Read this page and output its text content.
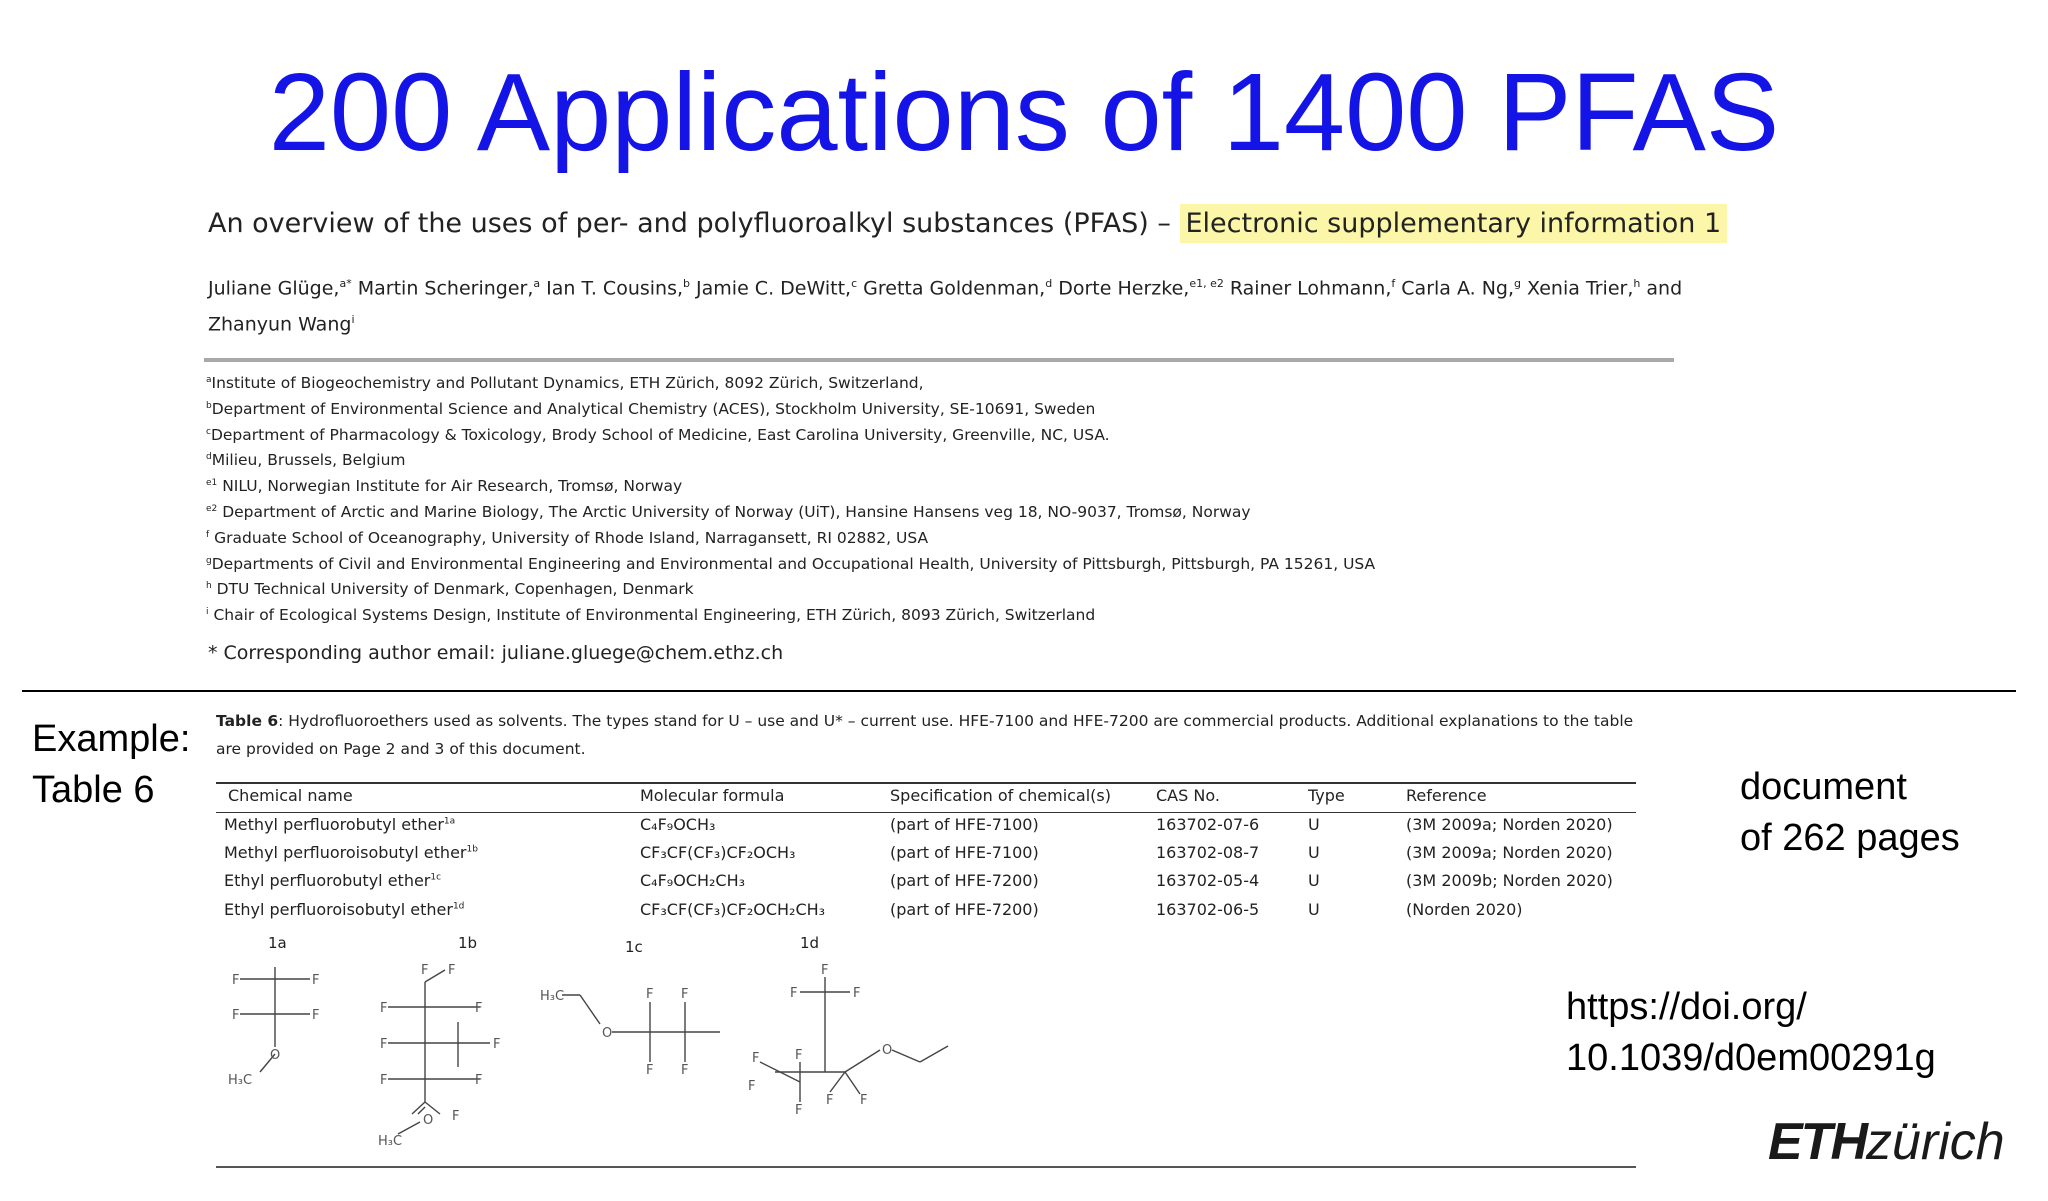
200 Applications of 1400 PFAS
An overview of the uses of per- and polyfluoroalkyl substances (PFAS) – Electronic supplementary information 1
Juliane Glüge,$^{a*}$ Martin Scheringer,$^a$ Ian T. Cousins,$^b$ Jamie C. DeWitt,$^c$ Gretta Goldenman,$^d$ Dorte Herzke,$^{e1, e2}$ Rainer Lohmann,$^f$ Carla A. Ng,$^g$ Xenia Trier,$^h$ and Zhanyun Wang$^i$
$^a$Institute of Biogeochemistry and Pollutant Dynamics, ETH Zürich, 8092 Zürich, Switzerland,
$^b$Department of Environmental Science and Analytical Chemistry (ACES), Stockholm University, SE-10691, Sweden
$^c$Department of Pharmacology & Toxicology, Brody School of Medicine, East Carolina University, Greenville, NC, USA.
$^d$Milieu, Brussels, Belgium
$^{e1}$ NILU, Norwegian Institute for Air Research, Tromsø, Norway
$^{e2}$ Department of Arctic and Marine Biology, The Arctic University of Norway (UiT), Hansine Hansens veg 18, NO-9037, Tromsø, Norway
$^f$ Graduate School of Oceanography, University of Rhode Island, Narragansett, RI 02882, USA
$^g$Departments of Civil and Environmental Engineering and Environmental and Occupational Health, University of Pittsburgh, Pittsburgh, PA 15261, USA
$^h$ DTU Technical University of Denmark, Copenhagen, Denmark
$^i$ Chair of Ecological Systems Design, Institute of Environmental Engineering, ETH Zürich, 8093 Zürich, Switzerland
* Corresponding author email: juliane.gluege@chem.ethz.ch
Example:
Table 6	document
of 262 pages
https://doi.org/
10.1039/d0em00291g
Table 6: Hydrofluoroethers used as solvents. The types stand for U – use and U* – current use. HFE-7100 and HFE-7200 are commercial products. Additional explanations to the table are provided on Page 2 and 3 of this document.
Chemical name	Molecular formula	Specification of chemical(s)	CAS No.	Type	Reference
Methyl perfluorobutyl ether$^{1a}$	C₄F₉OCH₃	(part of HFE-7100)	163702-07-6	U	(3M 2009a; Norden 2020)
Methyl perfluoroisobutyl ether$^{1b}$	CF₃CF(CF₃)CF₂OCH₃	(part of HFE-7100)	163702-08-7	U	(3M 2009a; Norden 2020)
Ethyl perfluorobutyl ether$^{1c}$	C₄F₉OCH₂CH₃	(part of HFE-7200)	163702-05-4	U	(3M 2009b; Norden 2020)
Ethyl perfluoroisobutyl ether$^{1d}$	CF₃CF(CF₃)CF₂OCH₂CH₃	(part of HFE-7200)	163702-06-5	U	(Norden 2020)
F	F
F	F
O
H₃C
F F
F	F
F	F
F	F
F
O
H₃C
H₃C
O
F F
F F
F
F	F
F	F
F
F
F F
O
1a	1b	1c	1d
ETHzürich
